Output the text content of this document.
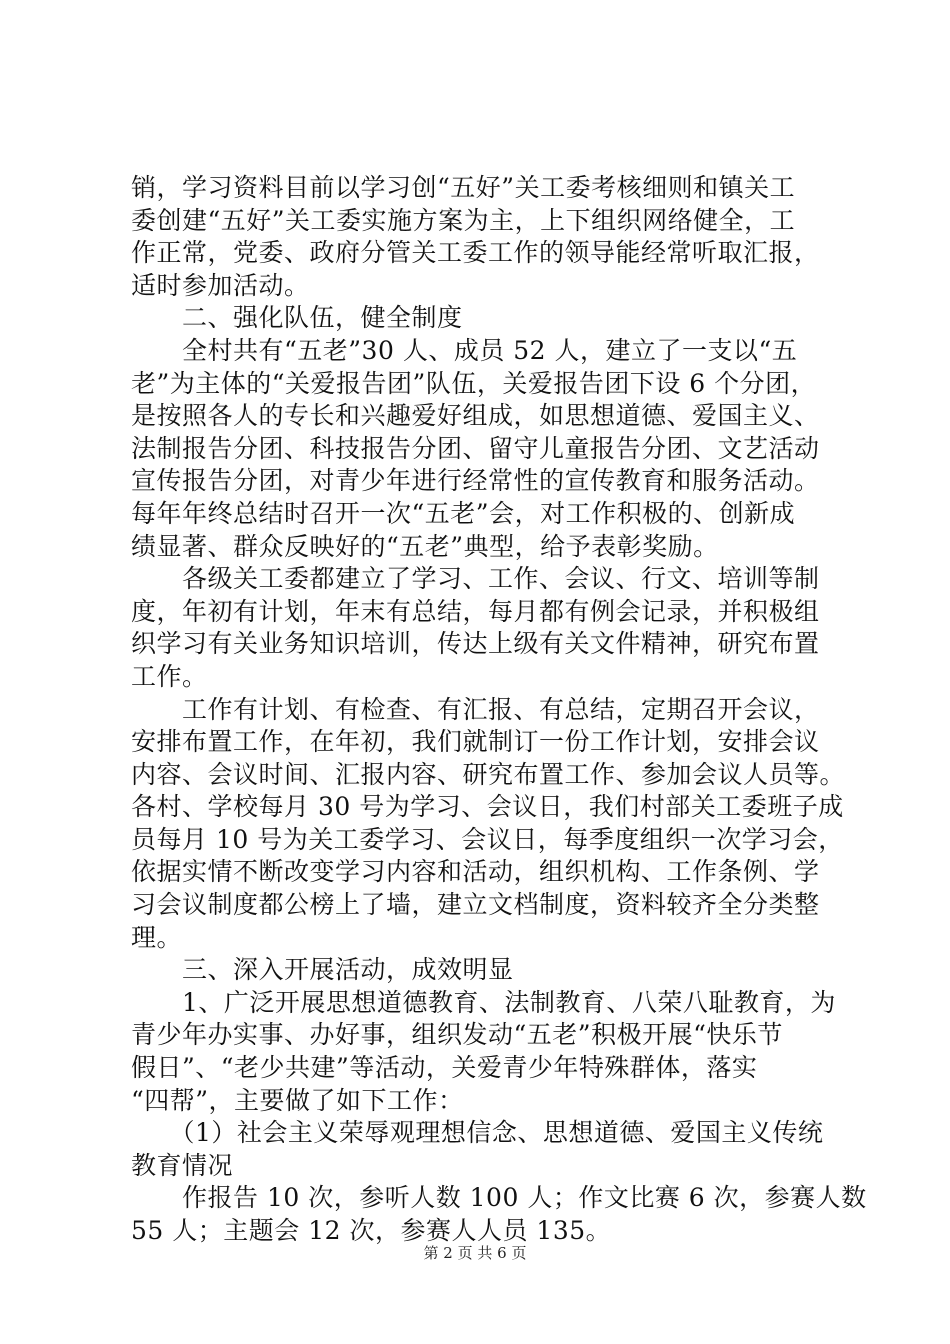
销，学习资料目前以学习创“五好”关工委考核细则和镇关工
委创建“五好”关工委实施方案为主，上下组织网络健全，工
作正常，党委、政府分管关工委工作的领导能经常听取汇报，
适时参加活动。
　　二、强化队伍，健全制度
　　全村共有“五老”30 人、成员 52 人，建立了一支以“五
老”为主体的“关爱报告团”队伍，关爱报告团下设 6 个分团，
是按照各人的专长和兴趣爱好组成，如思想道德、爱国主义、
法制报告分团、科技报告分团、留守儿童报告分团、文艺活动
宣传报告分团，对青少年进行经常性的宣传教育和服务活动。
每年年终总结时召开一次“五老”会，对工作积极的、创新成
绩显著、群众反映好的“五老”典型，给予表彰奖励。
　　各级关工委都建立了学习、工作、会议、行文、培训等制
度，年初有计划，年末有总结，每月都有例会记录，并积极组
织学习有关业务知识培训，传达上级有关文件精神，研究布置
工作。
　　工作有计划、有检查、有汇报、有总结，定期召开会议，
安排布置工作，在年初，我们就制订一份工作计划，安排会议
内容、会议时间、汇报内容、研究布置工作、参加会议人员等。
各村、学校每月 30 号为学习、会议日，我们村部关工委班子成
员每月 10 号为关工委学习、会议日，每季度组织一次学习会，
依据实情不断改变学习内容和活动，组织机构、工作条例、学
习会议制度都公榜上了墙，建立文档制度，资料较齐全分类整
理。
　　三、深入开展活动，成效明显
　　1、广泛开展思想道德教育、法制教育、八荣八耻教育，为
青少年办实事、办好事，组织发动“五老”积极开展“快乐节
假日”、“老少共建”等活动，关爱青少年特殊群体，落实
“四帮”，主要做了如下工作：
　　（1）社会主义荣辱观理想信念、思想道德、爱国主义传统
教育情况
　　作报告 10 次，参听人数 100 人；作文比赛 6 次，参赛人数
55 人；主题会 12 次，参赛人人员 135。
第 2 页 共 6 页
